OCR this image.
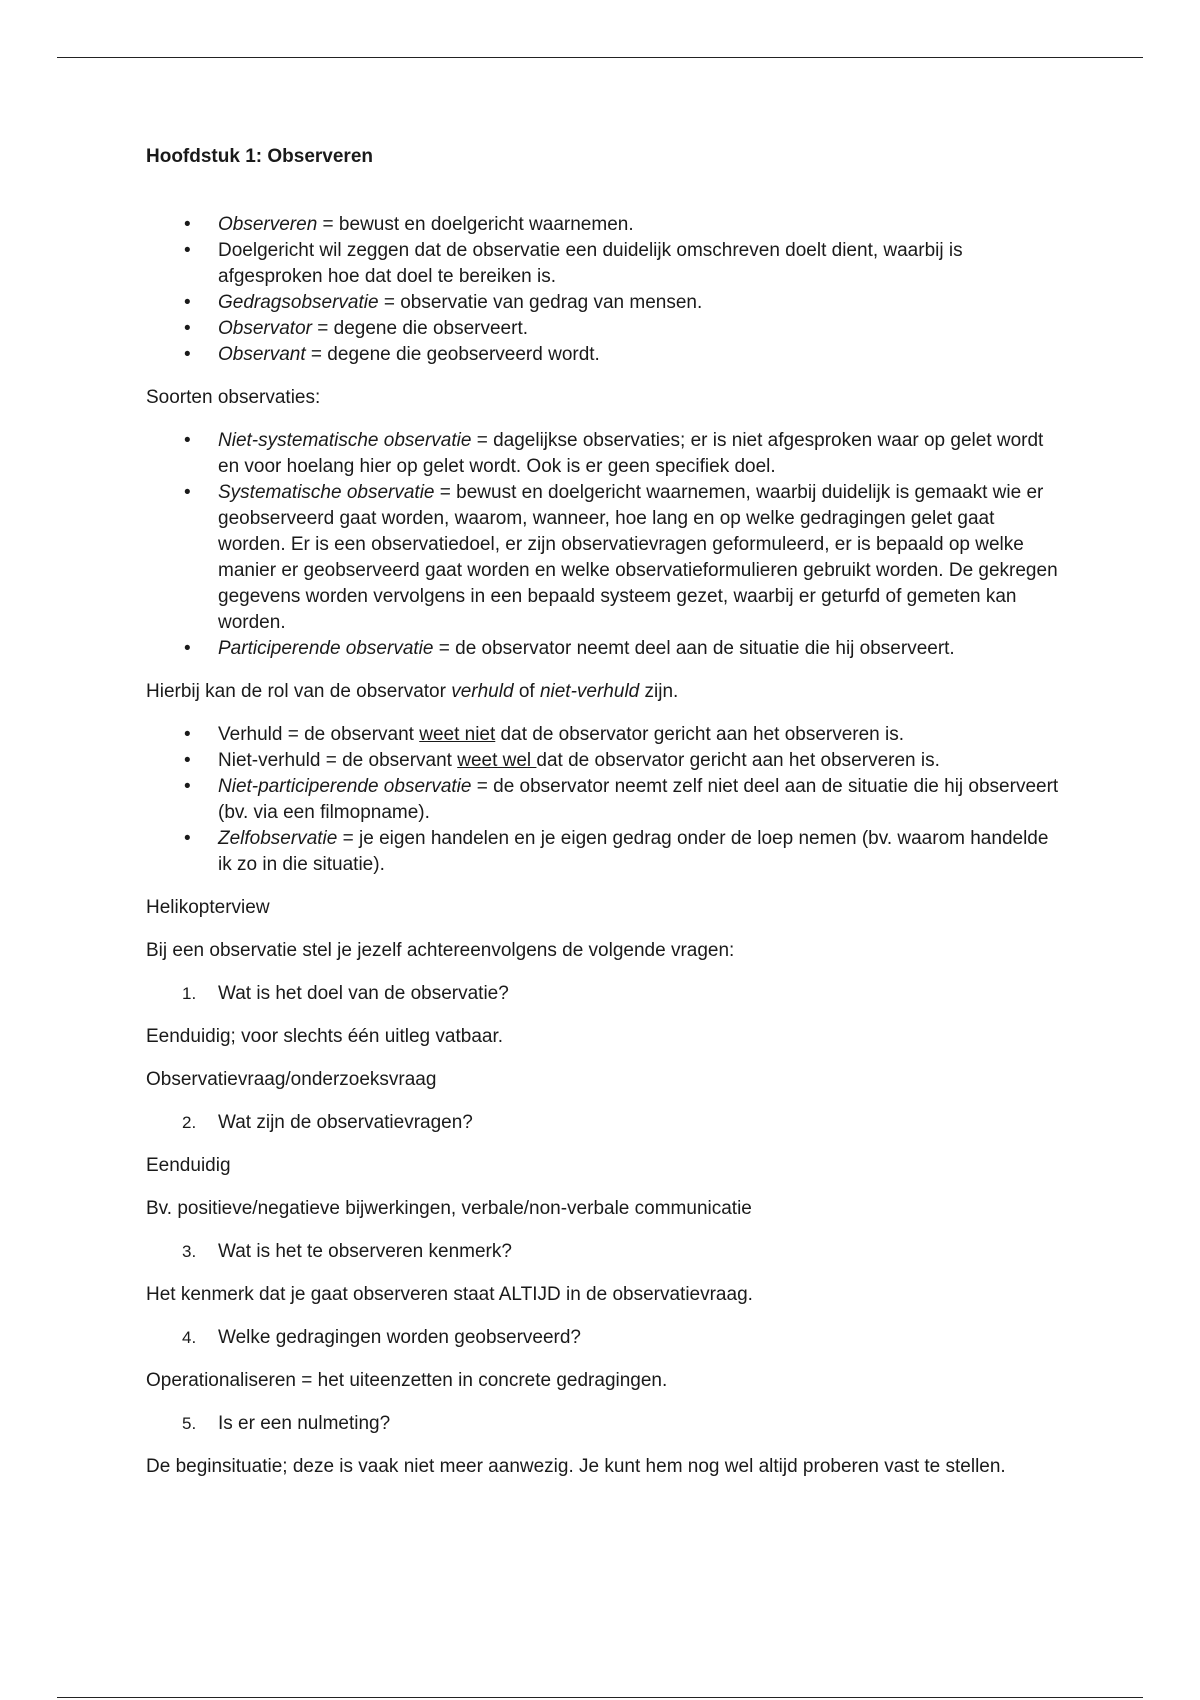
Hoofdstuk 1: Observeren
• Observeren = bewust en doelgericht waarnemen.
• Doelgericht wil zeggen dat de observatie een duidelijk omschreven doelt dient, waarbij is afgesproken hoe dat doel te bereiken is.
• Gedragsobservatie = observatie van gedrag van mensen.
• Observator = degene die observeert.
• Observant = degene die geobserveerd wordt.

Soorten observaties:

• Niet-systematische observatie = dagelijkse observaties; er is niet afgesproken waar op gelet wordt en voor hoelang hier op gelet wordt. Ook is er geen specifiek doel.
• Systematische observatie = bewust en doelgericht waarnemen, waarbij duidelijk is gemaakt wie er geobserveerd gaat worden, waarom, wanneer, hoe lang en op welke gedragingen gelet gaat worden. Er is een observatiedoel, er zijn observatievragen geformuleerd, er is bepaald op welke manier er geobserveerd gaat worden en welke observatieformulieren gebruikt worden. De gekregen gegevens worden vervolgens in een bepaald systeem gezet, waarbij er geturfd of gemeten kan worden.
• Participerende observatie = de observator neemt deel aan de situatie die hij observeert.

Hierbij kan de rol van de observator verhuld of niet-verhuld zijn.

• Verhuld = de observant weet niet dat de observator gericht aan het observeren is.
• Niet-verhuld = de observant weet wel dat de observator gericht aan het observeren is.
• Niet-participerende observatie = de observator neemt zelf niet deel aan de situatie die hij observeert (bv. via een filmopname).
• Zelfobservatie = je eigen handelen en je eigen gedrag onder de loep nemen (bv. waarom handelde ik zo in die situatie).

Helikopterview

Bij een observatie stel je jezelf achtereenvolgens de volgende vragen:

1. Wat is het doel van de observatie?

Eenduidig; voor slechts één uitleg vatbaar.

Observatievraag/onderzoeksvraag

2. Wat zijn de observatievragen?

Eenduidig

Bv. positieve/negatieve bijwerkingen, verbale/non-verbale communicatie

3. Wat is het te observeren kenmerk?

Het kenmerk dat je gaat observeren staat ALTIJD in de observatievraag.

4. Welke gedragingen worden geobserveerd?

Operationaliseren = het uiteenzetten in concrete gedragingen.

5. Is er een nulmeting?

De beginsituatie; deze is vaak niet meer aanwezig. Je kunt hem nog wel altijd proberen vast te stellen.
